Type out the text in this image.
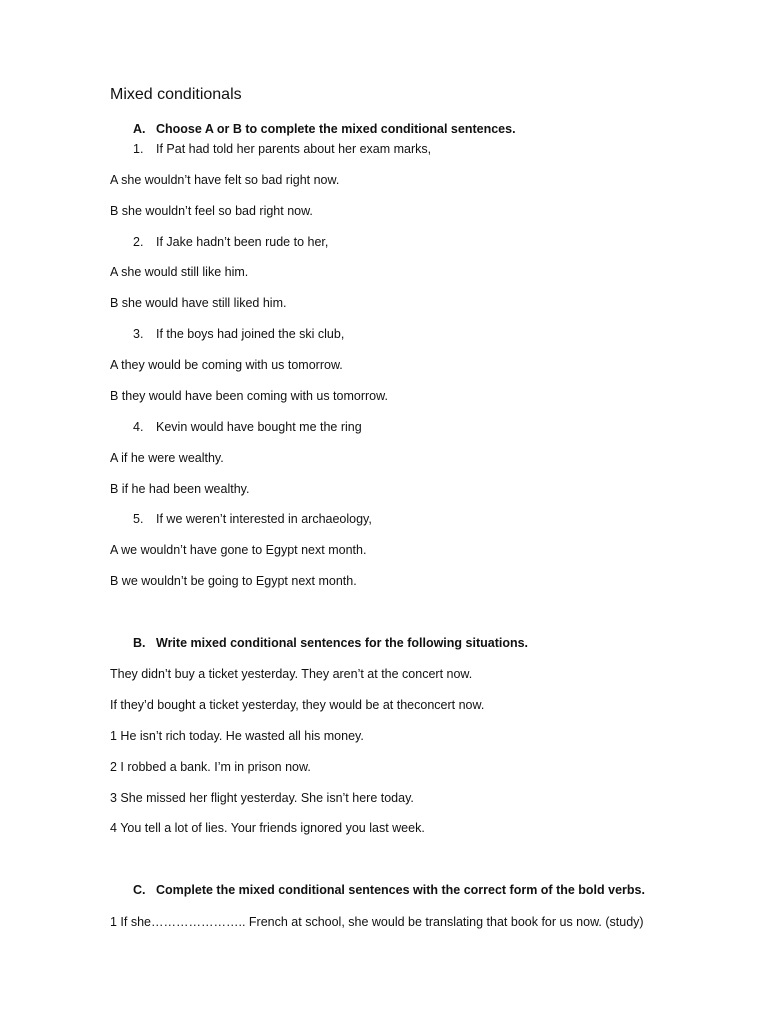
Mixed conditionals
A. Choose A or B to complete the mixed conditional sentences.
1. If Pat had told her parents about her exam marks,
A she wouldn’t have felt so bad right now.
B she wouldn’t feel so bad right now.
2. If Jake hadn’t been rude to her,
A she would still like him.
B she would have still liked him.
3. If the boys had joined the ski club,
A they would be coming with us tomorrow.
B they would have been coming with us tomorrow.
4. Kevin would have bought me the ring
A if he were wealthy.
B if he had been wealthy.
5. If we weren’t interested in archaeology,
A we wouldn’t have gone to Egypt next month.
B we wouldn’t be going to Egypt next month.
B. Write mixed conditional sentences for the following situations.
They didn’t buy a ticket yesterday. They aren’t at the concert now.
If they’d bought a ticket yesterday, they would be at theconcert now.
1 He isn’t rich today. He wasted all his money.
2 I robbed a bank. I’m in prison now.
3 She missed her flight yesterday. She isn’t here today.
4 You tell a lot of lies. Your friends ignored you last week.
C. Complete the mixed conditional sentences with the correct form of the bold verbs.
1 If she………………….. French at school, she would be translating that book for us now. (study)
